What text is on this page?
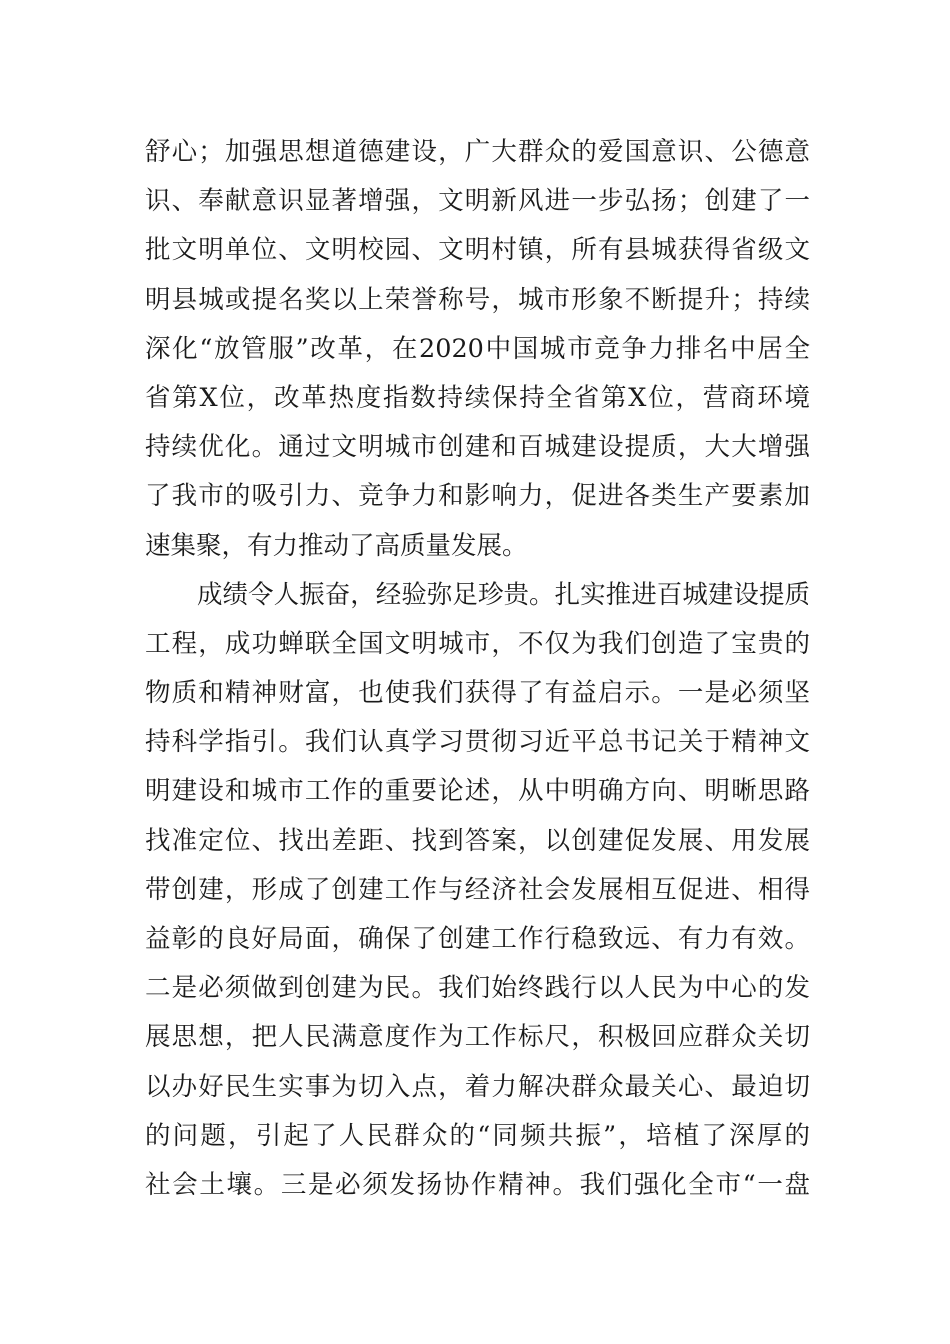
舒心；加强思想道德建设，广大群众的爱国意识、公德意
识、奉献意识显著增强，文明新风进一步弘扬；创建了一
批文明单位、文明校园、文明村镇，所有县城获得省级文
明县城或提名奖以上荣誉称号，城市形象不断提升；持续
深化“放管服”改革，在2020中国城市竞争力排名中居全
省第X位，改革热度指数持续保持全省第X位，营商环境
持续优化。通过文明城市创建和百城建设提质，大大增强
了我市的吸引力、竞争力和影响力，促进各类生产要素加
速集聚，有力推动了高质量发展。
成绩令人振奋，经验弥足珍贵。扎实推进百城建设提质
工程，成功蝉联全国文明城市，不仅为我们创造了宝贵的
物质和精神财富，也使我们获得了有益启示。一是必须坚
持科学指引。我们认真学习贯彻习近平总书记关于精神文
明建设和城市工作的重要论述，从中明确方向、明晰思路
找准定位、找出差距、找到答案，以创建促发展、用发展
带创建，形成了创建工作与经济社会发展相互促进、相得
益彰的良好局面，确保了创建工作行稳致远、有力有效。
二是必须做到创建为民。我们始终践行以人民为中心的发
展思想，把人民满意度作为工作标尺，积极回应群众关切
以办好民生实事为切入点，着力解决群众最关心、最迫切
的问题，引起了人民群众的“同频共振”，培植了深厚的
社会土壤。三是必须发扬协作精神。我们强化全市“一盘
